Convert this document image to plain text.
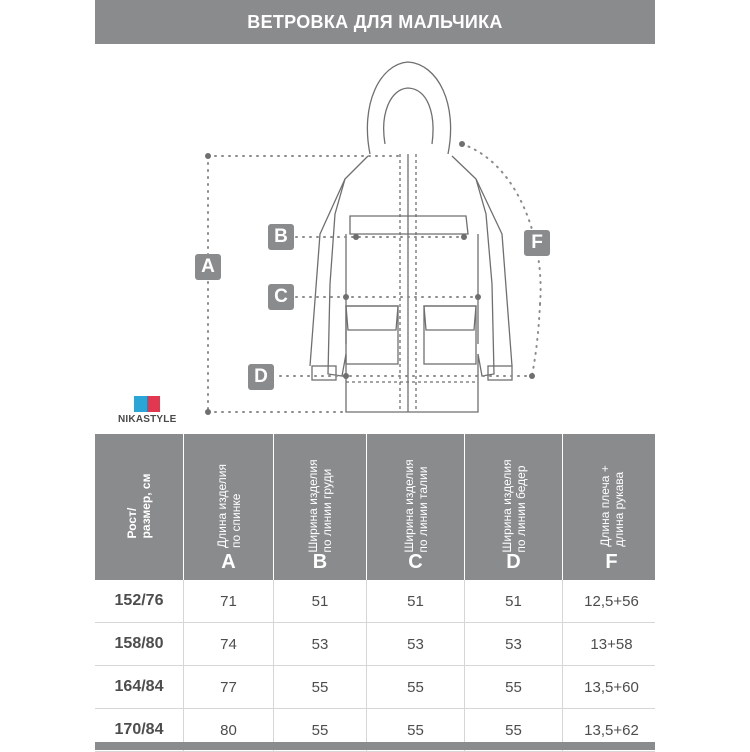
ВЕТРОВКА ДЛЯ МАЛЬЧИКА
A
B
C
D
F
NIKASTYLE
Рост/
размер, см
Длина изделия
по спинке
A
Ширина изделия
по линии груди
B
Ширина изделия
по линии талии
C
Ширина изделия
по линии бедер
D
Длина плеча +
длина рукава
F
152/76	71	51	51	51	12,5+56
158/80	74	53	53	53	13+58
164/84	77	55	55	55	13,5+60
170/84	80	55	55	55	13,5+62
